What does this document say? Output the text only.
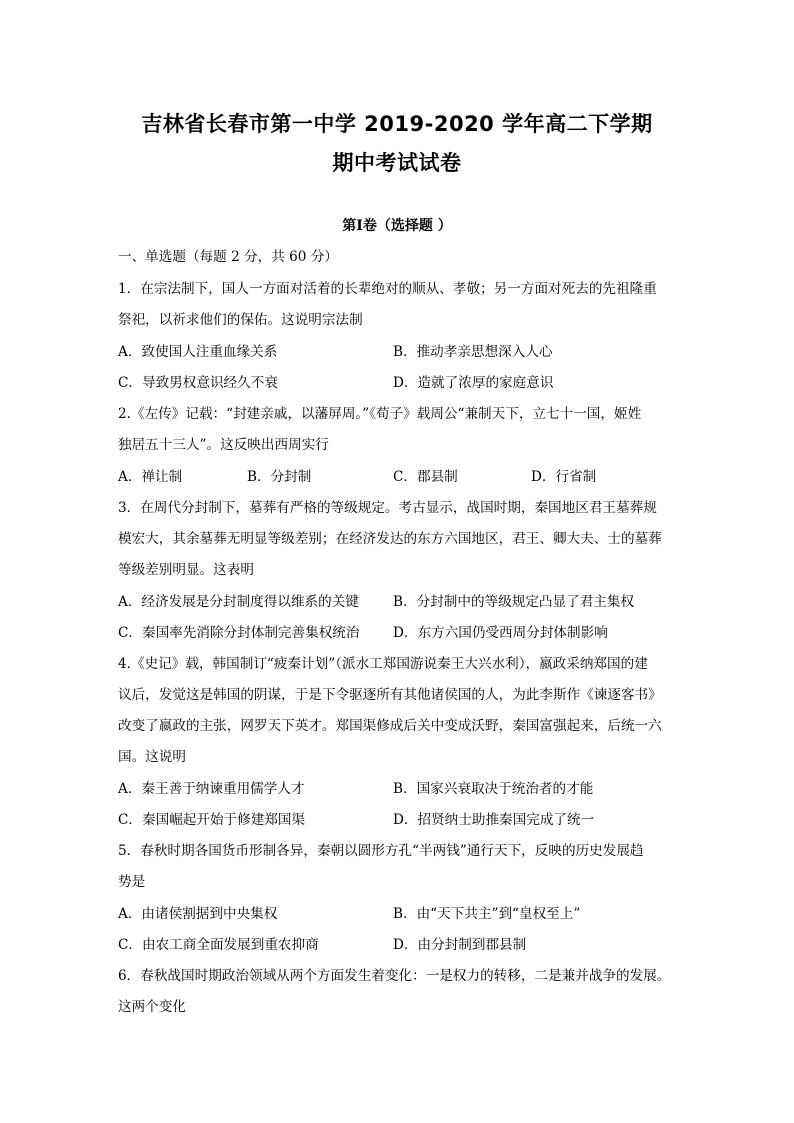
吉林省长春市第一中学 2019-2020 学年高二下学期
期中考试试卷
第Ⅰ卷（选择题 ）
一、单选题（每题 2 分，共 60 分）
1．在宗法制下，国人一方面对活着的长辈绝对的顺从、孝敬；另一方面对死去的先祖隆重
祭祀，以祈求他们的保佑。这说明宗法制
A．致使国人注重血缘关系	B．推动孝亲思想深入人心
C．导致男权意识经久不衰	D．造就了浓厚的家庭意识
2.《左传》记载：“封建亲戚，以藩屏周。”《荀子》载周公“兼制天下，立七十一国，姬姓
独居五十三人”。这反映出西周实行
A．禅让制	B．分封制	C．郡县制	D．行省制
3．在周代分封制下，墓葬有严格的等级规定。考古显示，战国时期，秦国地区君王墓葬规
模宏大，其余墓葬无明显等级差别；在经济发达的东方六国地区，君王、卿大夫、士的墓葬
等级差别明显。这表明
A．经济发展是分封制度得以维系的关键	B．分封制中的等级规定凸显了君主集权
C．秦国率先消除分封体制完善集权统治 D．东方六国仍受西周分封体制影响
4.《史记》载，韩国制订“疲秦计划”（派水工郑国游说秦王大兴水利），嬴政采纳郑国的建
议后，发觉这是韩国的阴谋，于是下令驱逐所有其他诸侯国的人，为此李斯作《谏逐客书》
改变了嬴政的主张，网罗天下英才。郑国渠修成后关中变成沃野，秦国富强起来，后统一六
国。这说明
A．秦王善于纳谏重用儒学人才	B．国家兴衰取决于统治者的才能
C．秦国崛起开始于修建郑国渠	D．招贤纳士助推秦国完成了统一
5．春秋时期各国货币形制各异，秦朝以圆形方孔“半两钱”通行天下，反映的历史发展趋
势是
A．由诸侯割据到中央集权	B．由“天下共主”到“皇权至上”
C．由农工商全面发展到重农抑商	D．由分封制到郡县制
6．春秋战国时期政治领域从两个方面发生着变化：一是权力的转移，二是兼并战争的发展。
这两个变化
